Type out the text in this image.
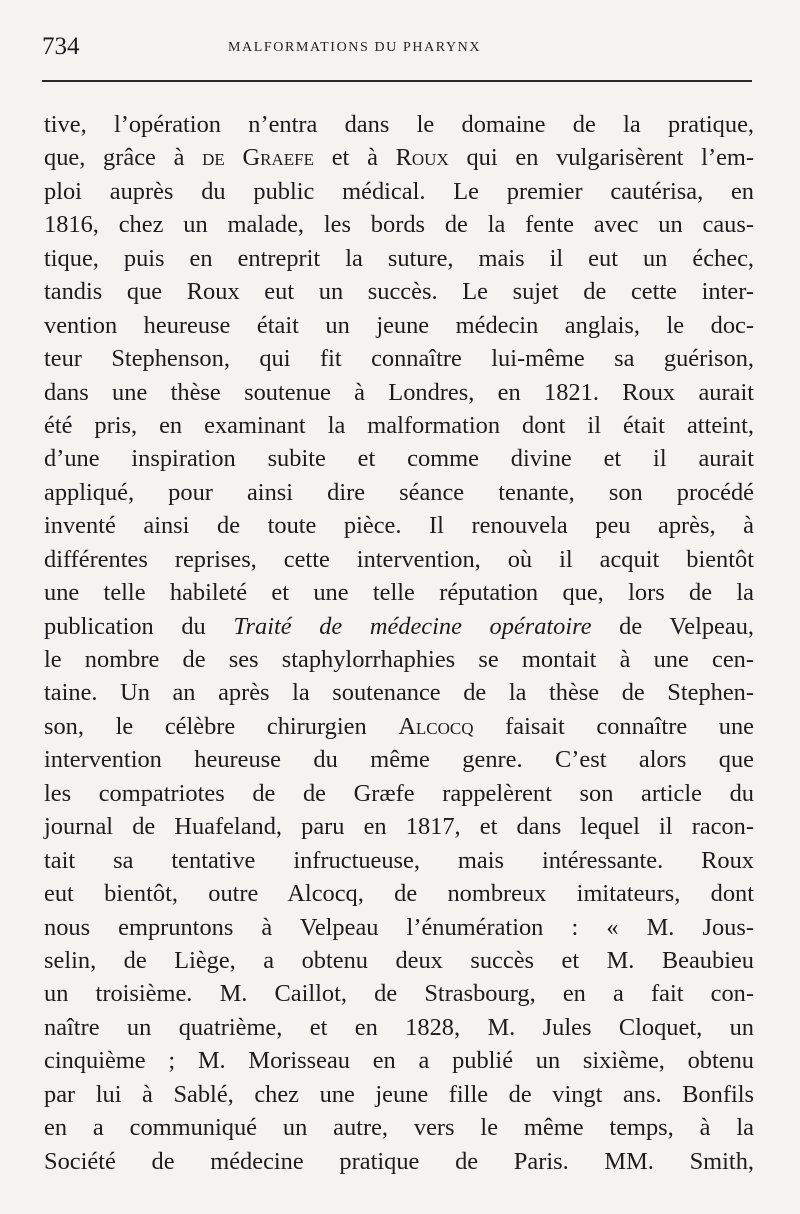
734	MALFORMATIONS DU PHARYNX
tive, l’opération n’entra dans le domaine de la pratique,
que, grâce à de Graefe et à Roux qui en vulgarisèrent l’em-
ploi auprès du public médical. Le premier cautérisa, en
1816, chez un malade, les bords de la fente avec un caus-
tique, puis en entreprit la suture, mais il eut un échec,
tandis que Roux eut un succès. Le sujet de cette inter-
vention heureuse était un jeune médecin anglais, le doc-
teur Stephenson, qui fit connaître lui-même sa guérison,
dans une thèse soutenue à Londres, en 1821. Roux aurait
été pris, en examinant la malformation dont il était atteint,
d’une inspiration subite et comme divine et il aurait
appliqué, pour ainsi dire séance tenante, son procédé
inventé ainsi de toute pièce. Il renouvela peu après, à
différentes reprises, cette intervention, où il acquit bientôt
une telle habileté et une telle réputation que, lors de la
publication du Traité de médecine opératoire de Velpeau,
le nombre de ses staphylorrhaphies se montait à une cen-
taine. Un an après la soutenance de la thèse de Stephen-
son, le célèbre chirurgien Alcocq faisait connaître une
intervention heureuse du même genre. C’est alors que
les compatriotes de de Græfe rappelèrent son article du
journal de Huafeland, paru en 1817, et dans lequel il racon-
tait sa tentative infructueuse, mais intéressante. Roux
eut bientôt, outre Alcocq, de nombreux imitateurs, dont
nous empruntons à Velpeau l’énumération : « M. Jous-
selin, de Liège, a obtenu deux succès et M. Beaubieu
un troisième. M. Caillot, de Strasbourg, en a fait con-
naître un quatrième, et en 1828, M. Jules Cloquet, un
cinquième ; M. Morisseau en a publié un sixième, obtenu
par lui à Sablé, chez une jeune fille de vingt ans. Bonfils
en a communiqué un autre, vers le même temps, à la
Société de médecine pratique de Paris. MM. Smith,
